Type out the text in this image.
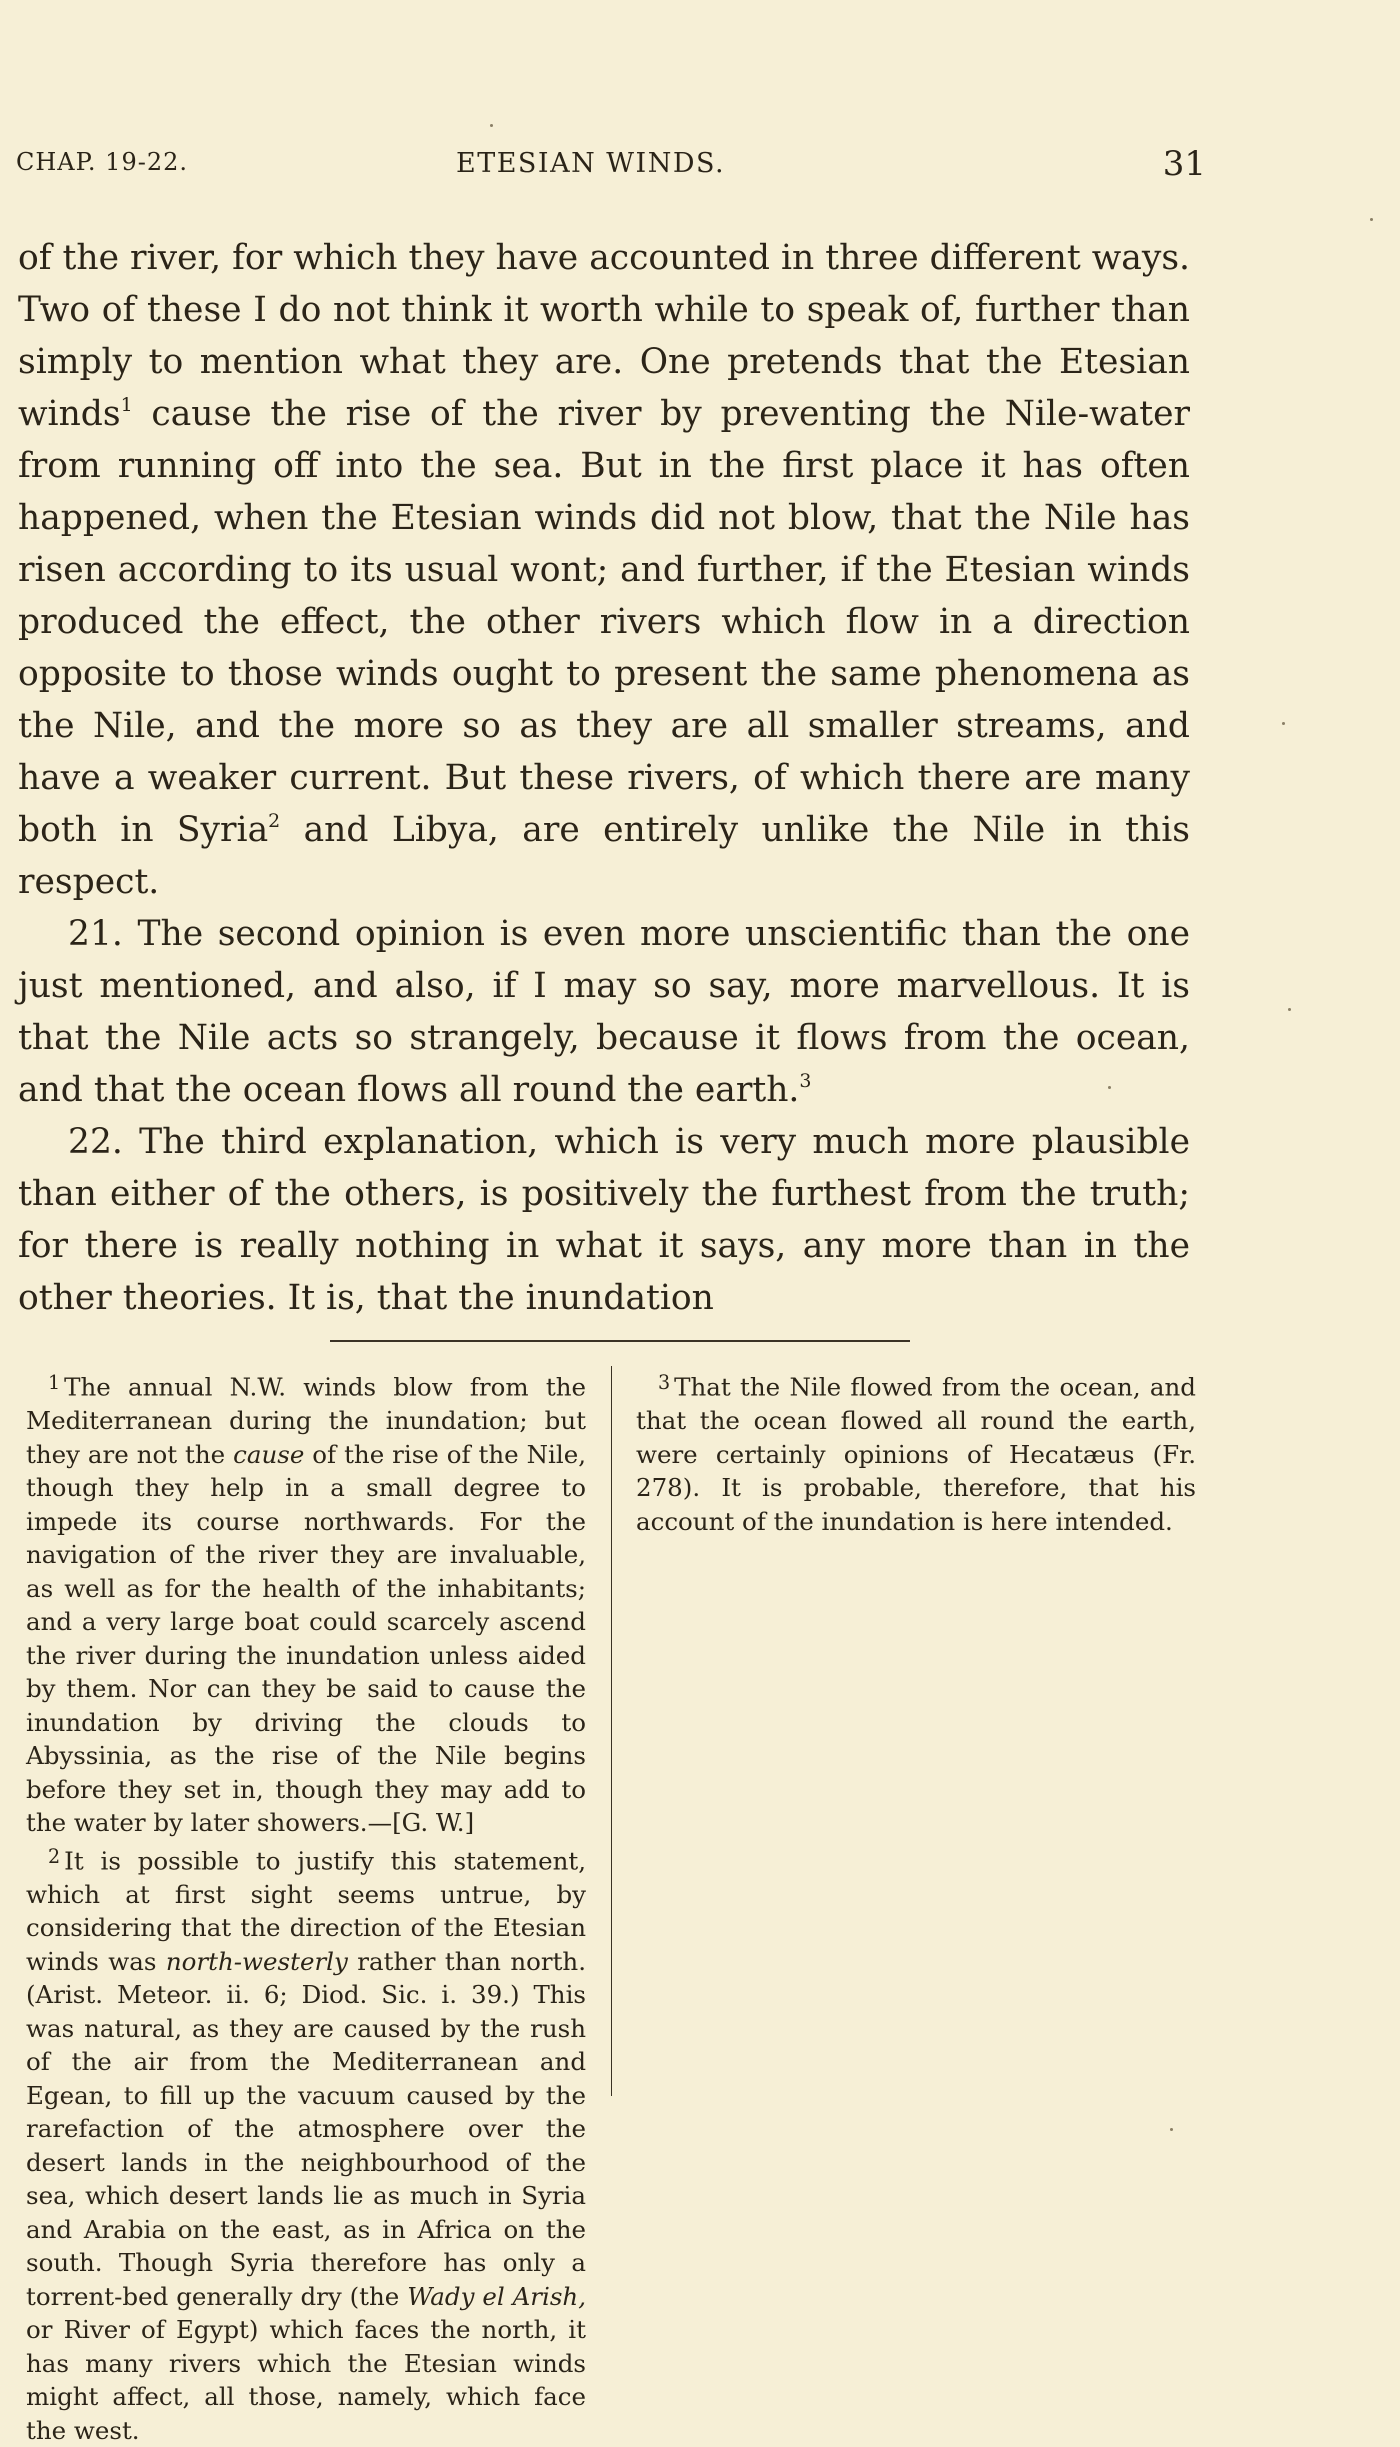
CHAP. 19-22.	ETESIAN WINDS.	31

of the river, for which they have accounted in three different ways. Two of these I do not think it worth while to speak of, further than simply to mention what they are. One pretends that the Etesian winds$^1$ cause the rise of the river by preventing the Nile-water from running off into the sea. But in the first place it has often happened, when the Etesian winds did not blow, that the Nile has risen according to its usual wont; and further, if the Etesian winds produced the effect, the other rivers which flow in a direction opposite to those winds ought to present the same phenomena as the Nile, and the more so as they are all smaller streams, and have a weaker current. But these rivers, of which there are many both in Syria$^2$ and Libya, are entirely unlike the Nile in this respect.

21. The second opinion is even more unscientific than the one just mentioned, and also, if I may so say, more marvellous. It is that the Nile acts so strangely, because it flows from the ocean, and that the ocean flows all round the earth.$^3$

22. The third explanation, which is very much more plausible than either of the others, is positively the furthest from the truth; for there is really nothing in what it says, any more than in the other theories. It is, that the inundation

$^1$ The annual N.W. winds blow from the Mediterranean during the inundation; but they are not the cause of the rise of the Nile, though they help in a small degree to impede its course northwards. For the navigation of the river they are invaluable, as well as for the health of the inhabitants; and a very large boat could scarcely ascend the river during the inundation unless aided by them. Nor can they be said to cause the inundation by driving the clouds to Abyssinia, as the rise of the Nile begins before they set in, though they may add to the water by later showers.—[G. W.]

$^2$ It is possible to justify this statement, which at first sight seems untrue, by considering that the direction of the Etesian winds was north-westerly rather than north. (Arist. Meteor. ii. 6; Diod. Sic. i. 39.) This was natural, as they are caused by the rush of the air from the Mediterranean and Egean, to fill up the vacuum caused by the rarefaction of the atmosphere over the desert lands in the neighbourhood of the sea, which desert lands lie as much in Syria and Arabia on the east, as in Africa on the south. Though Syria therefore has only a torrent-bed generally dry (the Wady el Arish, or River of Egypt) which faces the north, it has many rivers which the Etesian winds might affect, all those, namely, which face the west.

$^3$ That the Nile flowed from the ocean, and that the ocean flowed all round the earth, were certainly opinions of Hecatæus (Fr. 278). It is probable, therefore, that his account of the inundation is here intended.
